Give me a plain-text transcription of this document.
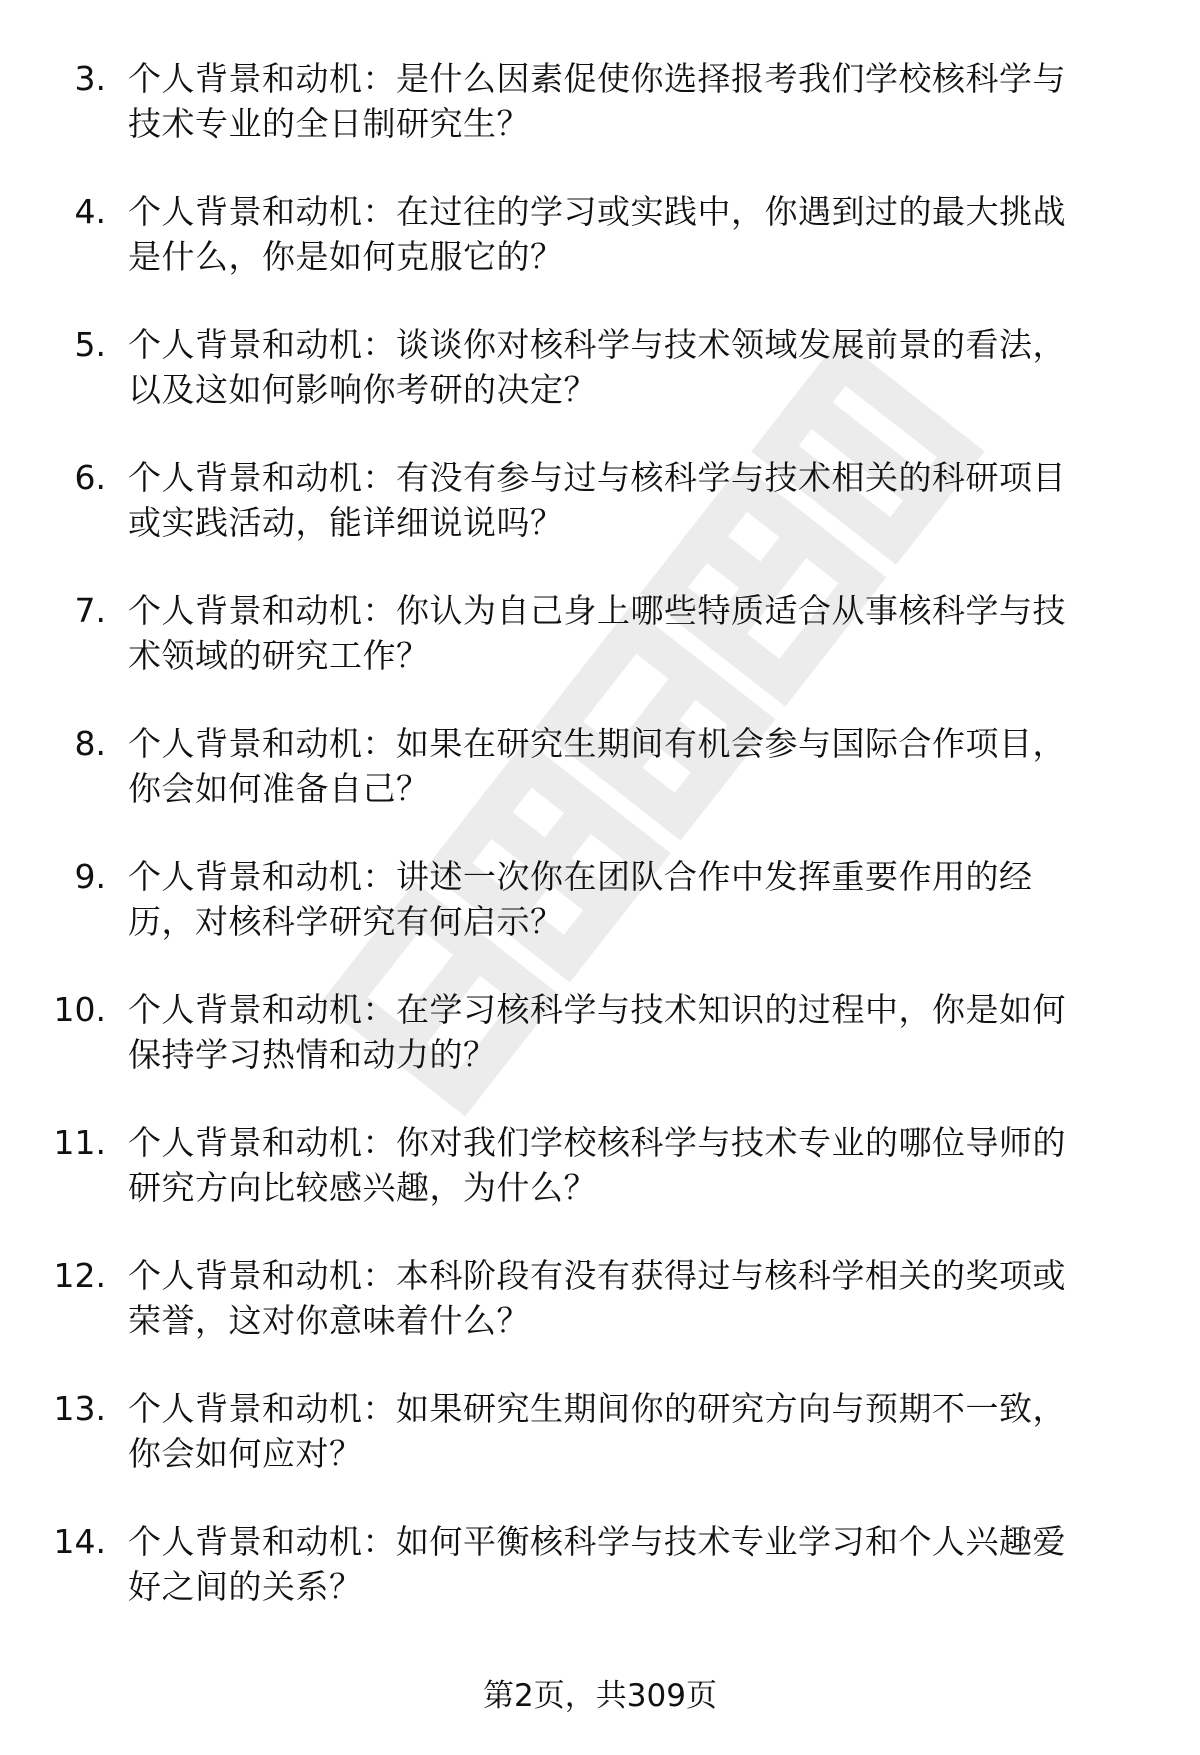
3. 个人背景和动机：是什么因素促使你选择报考我们学校核科学与
技术专业的全日制研究生？
4. 个人背景和动机：在过往的学习或实践中，你遇到过的最大挑战
是什么，你是如何克服它的？
5. 个人背景和动机：谈谈你对核科学与技术领域发展前景的看法，
以及这如何影响你考研的决定？
6. 个人背景和动机：有没有参与过与核科学与技术相关的科研项目
或实践活动，能详细说说吗？
7. 个人背景和动机：你认为自己身上哪些特质适合从事核科学与技
术领域的研究工作？
8. 个人背景和动机：如果在研究生期间有机会参与国际合作项目，
你会如何准备自己？
9. 个人背景和动机：讲述一次你在团队合作中发挥重要作用的经
历，对核科学研究有何启示？
10. 个人背景和动机：在学习核科学与技术知识的过程中，你是如何
保持学习热情和动力的？
11. 个人背景和动机：你对我们学校核科学与技术专业的哪位导师的
研究方向比较感兴趣，为什么？
12. 个人背景和动机：本科阶段有没有获得过与核科学相关的奖项或
荣誉，这对你意味着什么？
13. 个人背景和动机：如果研究生期间你的研究方向与预期不一致，
你会如何应对？
14. 个人背景和动机：如何平衡核科学与技术专业学习和个人兴趣爱
好之间的关系？
第2页，共309页
